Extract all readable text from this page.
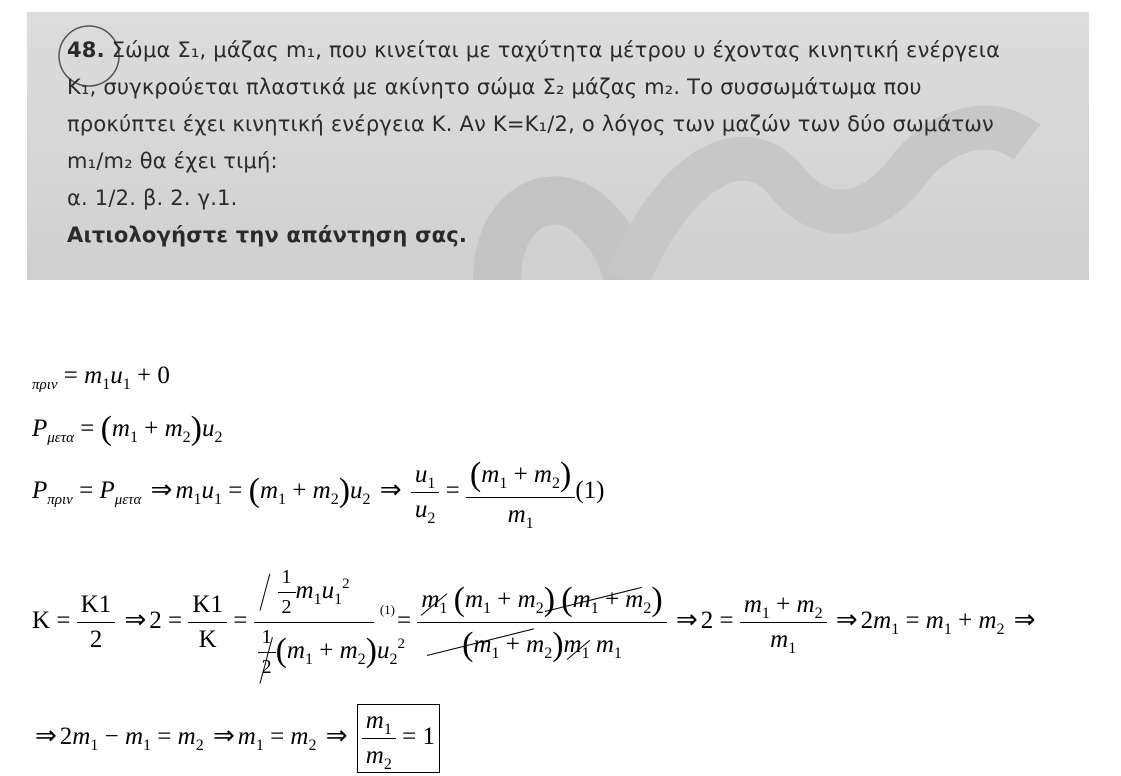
48. Σώμα Σ₁, μάζας m₁, που κινείται με ταχύτητα μέτρου υ έχοντας κινητική ενέργεια
K₁, συγκρούεται πλαστικά με ακίνητο σώμα Σ₂ μάζας m₂. Το συσσωμάτωμα που
προκύπτει έχει κινητική ενέργεια K. Αν K=K₁/2, ο λόγος των μαζών των δύο σωμάτων
m₁/m₂ θα έχει τιμή:
α. 1/2. β. 2. γ.1.
Αιτιολογήστε την απάντηση σας.
$_{\pi\rho\iota\nu} = m_1u_1 + 0$
$P_{\mu\varepsilon\tau\alpha} = (m_1 + m_2)u_2$
$P_{\pi\rho\iota\nu} = P_{\mu\varepsilon\tau\alpha}$ ⇒ $m_1u_1 = (m_1 + m_2)u_2$ ⇒ $\frac{u_1}{u_2} = \frac{(m_1 + m_2)}{m_1} (1)$
$K = \frac{K1}{2}$ ⇒ $2 = \frac{K1}{K} = \frac{\frac{1}{2} m_1u_1^2}{\frac{1}{2} (m_1 + m_2)u_2^2} ^{(1)}=$
$m_1$ $(m_1 + m_2) (m_1 + m_2)$
$(m_1 + m_2)m_1$ $m_1$
⇒ $2 = \frac{m_1 + m_2}{m_1}$ ⇒ $2m_1 = m_1 + m_2$ ⇒
⇒ $2m_1 - m_1 = m_2$ ⇒ $m_1 = m_2$ ⇒ $\frac{m_1}{m_2} = 1$
